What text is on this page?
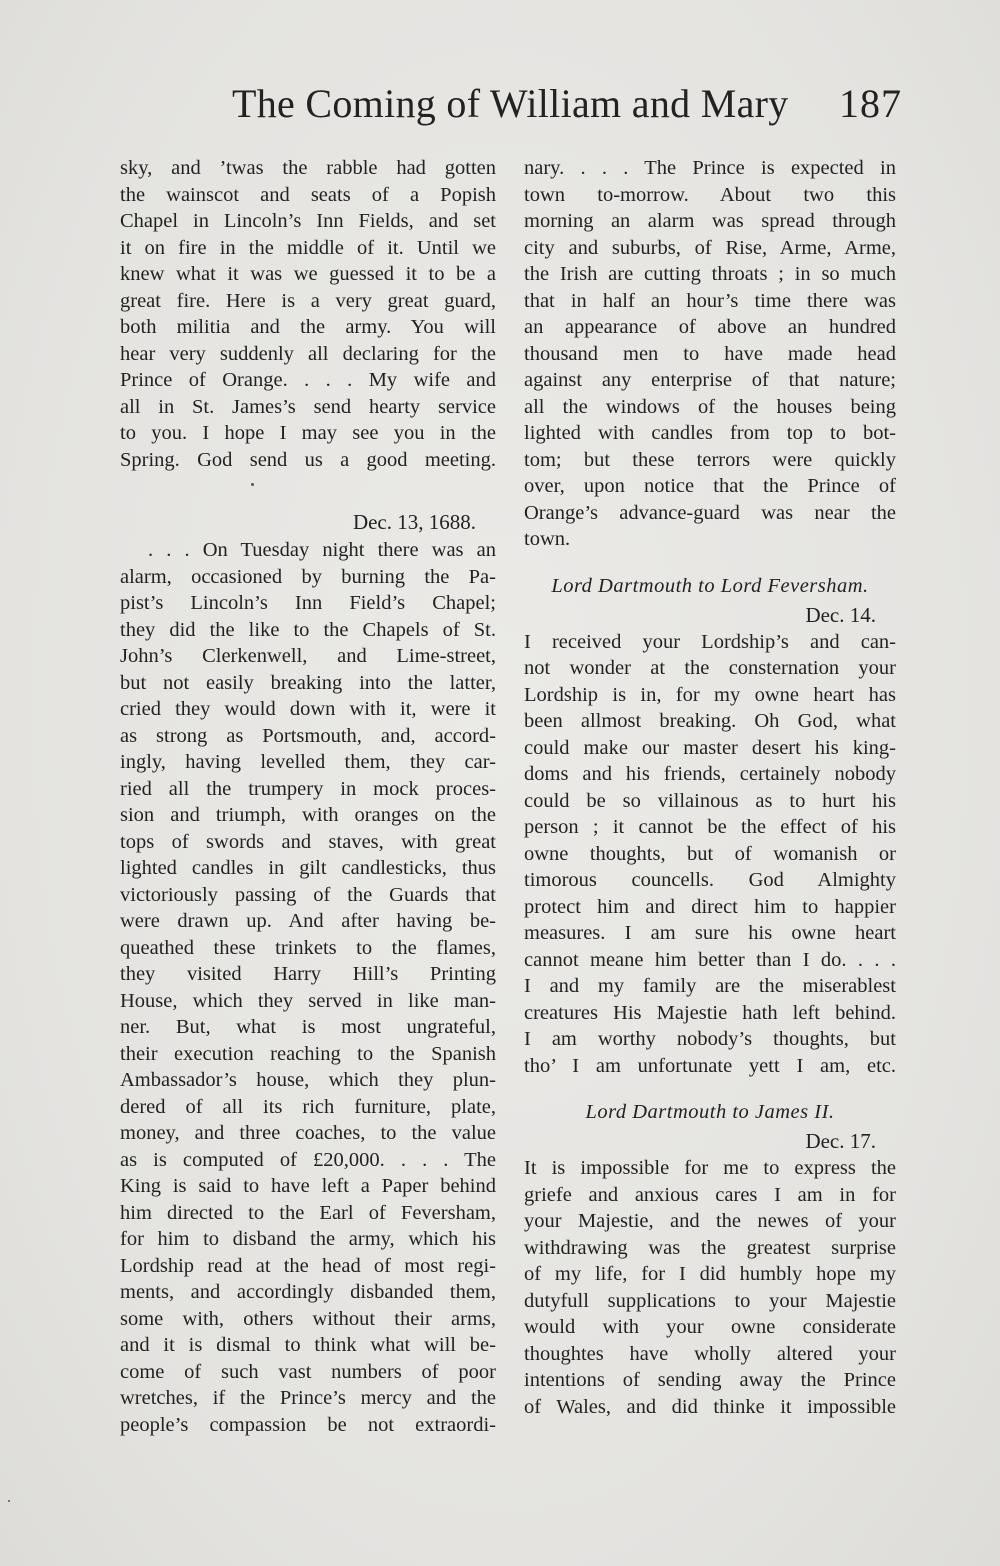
The Coming of William and Mary 187
sky, and ’twas the rabble had gotten
the wainscot and seats of a Popish
Chapel in Lincoln’s Inn Fields, and set
it on fire in the middle of it. Until we
knew what it was we guessed it to be a
great fire. Here is a very great guard,
both militia and the army. You will
hear very suddenly all declaring for the
Prince of Orange. . . . My wife and
all in St. James’s send hearty service
to you. I hope I may see you in the
Spring. God send us a good meeting.
Dec. 13, 1688.
. . . On Tuesday night there was an
alarm, occasioned by burning the Pa-
pist’s Lincoln’s Inn Field’s Chapel;
they did the like to the Chapels of St.
John’s Clerkenwell, and Lime-street,
but not easily breaking into the latter,
cried they would down with it, were it
as strong as Portsmouth, and, accord-
ingly, having levelled them, they car-
ried all the trumpery in mock proces-
sion and triumph, with oranges on the
tops of swords and staves, with great
lighted candles in gilt candlesticks, thus
victoriously passing of the Guards that
were drawn up. And after having be-
queathed these trinkets to the flames,
they visited Harry Hill’s Printing
House, which they served in like man-
ner. But, what is most ungrateful,
their execution reaching to the Spanish
Ambassador’s house, which they plun-
dered of all its rich furniture, plate,
money, and three coaches, to the value
as is computed of £20,000. . . . The
King is said to have left a Paper behind
him directed to the Earl of Feversham,
for him to disband the army, which his
Lordship read at the head of most regi-
ments, and accordingly disbanded them,
some with, others without their arms,
and it is dismal to think what will be-
come of such vast numbers of poor
wretches, if the Prince’s mercy and the
people’s compassion be not extraordi-
nary. . . . The Prince is expected in
town to-morrow. About two this
morning an alarm was spread through
city and suburbs, of Rise, Arme, Arme,
the Irish are cutting throats ; in so much
that in half an hour’s time there was
an appearance of above an hundred
thousand men to have made head
against any enterprise of that nature;
all the windows of the houses being
lighted with candles from top to bot-
tom; but these terrors were quickly
over, upon notice that the Prince of
Orange’s advance-guard was near the
town.
Lord Dartmouth to Lord Feversham.
Dec. 14.
I received your Lordship’s and can-
not wonder at the consternation your
Lordship is in, for my owne heart has
been allmost breaking. Oh God, what
could make our master desert his king-
doms and his friends, certainely nobody
could be so villainous as to hurt his
person ; it cannot be the effect of his
owne thoughts, but of womanish or
timorous councells. God Almighty
protect him and direct him to happier
measures. I am sure his owne heart
cannot meane him better than I do. . . .
I and my family are the miserablest
creatures His Majestie hath left behind.
I am worthy nobody’s thoughts, but
tho’ I am unfortunate yett I am, etc.
Lord Dartmouth to James II.
Dec. 17.
It is impossible for me to express the
griefe and anxious cares I am in for
your Majestie, and the newes of your
withdrawing was the greatest surprise
of my life, for I did humbly hope my
dutyfull supplications to your Majestie
would with your owne considerate
thoughtes have wholly altered your
intentions of sending away the Prince
of Wales, and did thinke it impossible
